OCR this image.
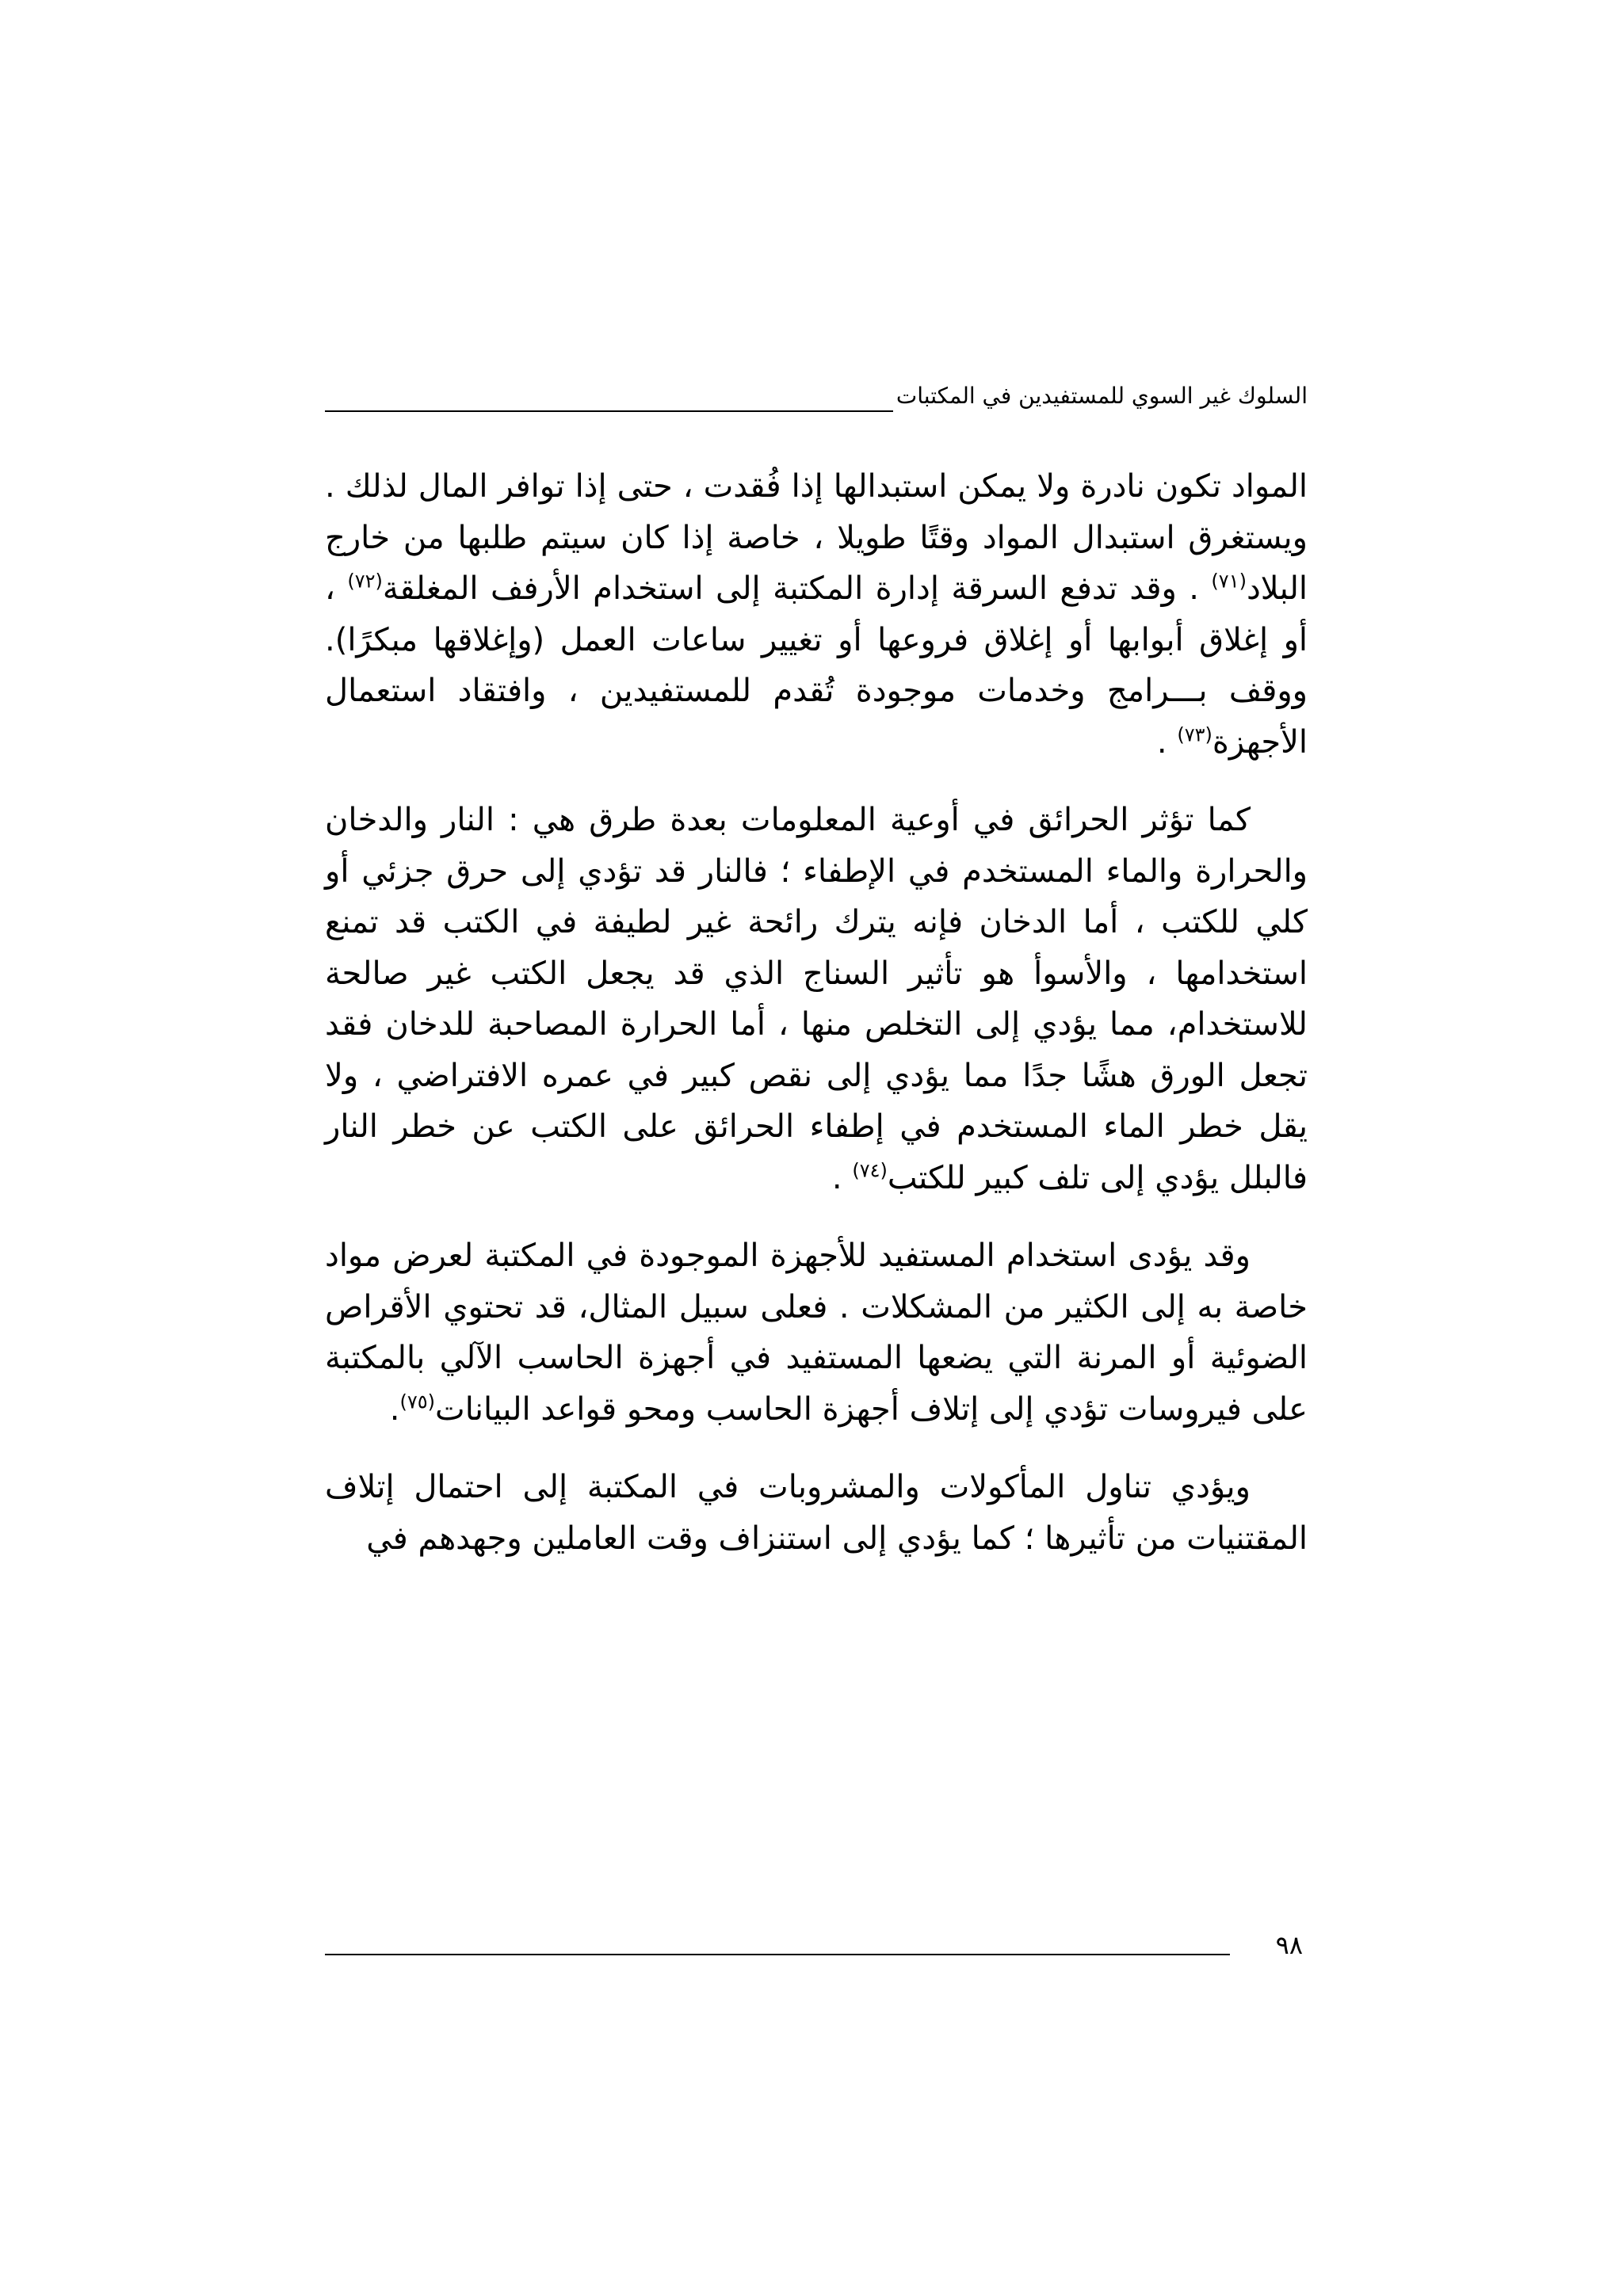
السلوك غير السوي للمستفيدين في المكتبات

المواد تكون نادرة ولا يمكن استبدالها إذا فُقدت ، حتى إذا توافر المال لذلك . ويستغرق استبدال المواد وقتًا طويلا ، خاصة إذا كان سيتم طلبها من خارج البلاد$^{(٧١)}$ . وقد تدفع السرقة إدارة المكتبة إلى استخدام الأرفف المغلقة$^{(٧٢)}$ ، أو إغلاق أبوابها أو إغلاق فروعها أو تغيير ساعات العمل (وإغلاقها مبكرًا). ووقف بـــرامج وخدمات موجودة تُقدم للمستفيدين ، وافتقاد استعمال الأجهزة$^{(٧٣)}$ .

كما تؤثر الحرائق في أوعية المعلومات بعدة طرق هي : النار والدخان والحرارة والماء المستخدم في الإطفاء ؛ فالنار قد تؤدي إلى حرق جزئي أو كلي للكتب ، أما الدخان فإنه يترك رائحة غير لطيفة في الكتب قد تمنع استخدامها ، والأسوأ هو تأثير السناج الذي قد يجعل الكتب غير صالحة للاستخدام، مما يؤدي إلى التخلص منها ، أما الحرارة المصاحبة للدخان فقد تجعل الورق هشًا جدًا مما يؤدي إلى نقص كبير في عمره الافتراضي ، ولا يقل خطر الماء المستخدم في إطفاء الحرائق على الكتب عن خطر النار فالبلل يؤدي إلى تلف كبير للكتب$^{(٧٤)}$ .

وقد يؤدى استخدام المستفيد للأجهزة الموجودة في المكتبة لعرض مواد خاصة به إلى الكثير من المشكلات . فعلى سبيل المثال، قد تحتوي الأقراص الضوئية أو المرنة التي يضعها المستفيد في أجهزة الحاسب الآلي بالمكتبة على فيروسات تؤدي إلى إتلاف أجهزة الحاسب ومحو قواعد البيانات$^{(٧٥)}$.

ويؤدي تناول المأكولات والمشروبات في المكتبة إلى احتمال إتلاف المقتنيات من تأثيرها ؛ كما يؤدي إلى استنزاف وقت العاملين وجهدهم في

٩٨
